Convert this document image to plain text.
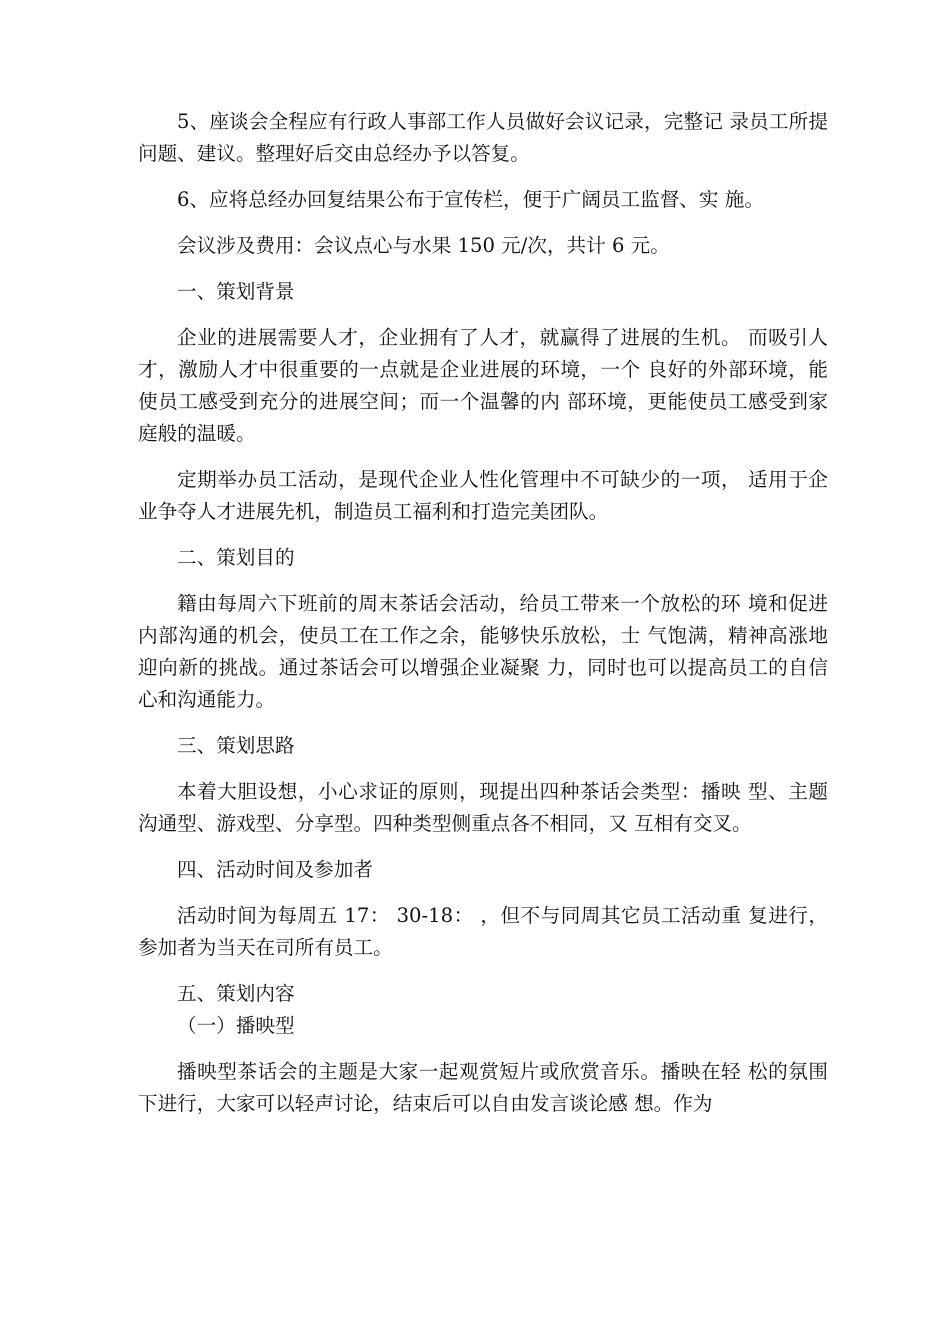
5、座谈会全程应有行政人事部工作人员做好会议记录，完整记 录员工所提问题、建议。整理好后交由总经办予以答复。

6、应将总经办回复结果公布于宣传栏，便于广阔员工监督、实 施。

会议涉及费用：会议点心与水果 150 元/次，共计 6 元。

一、策划背景

企业的进展需要人才，企业拥有了人才，就赢得了进展的生机。 而吸引人才，激励人才中很重要的一点就是企业进展的环境，一个 良好的外部环境，能使员工感受到充分的进展空间；而一个温馨的内 部环境，更能使员工感受到家庭般的温暖。

定期举办员工活动，是现代企业人性化管理中不可缺少的一项， 适用于企业争夺人才进展先机，制造员工福利和打造完美团队。

二、策划目的

籍由每周六下班前的周末茶话会活动，给员工带来一个放松的环 境和促进内部沟通的机会，使员工在工作之余，能够快乐放松，士 气饱满，精神高涨地迎向新的挑战。通过茶话会可以增强企业凝聚 力，同时也可以提高员工的自信心和沟通能力。

三、策划思路

本着大胆设想，小心求证的原则，现提出四种茶话会类型：播映 型、主题沟通型、游戏型、分享型。四种类型侧重点各不相同，又 互相有交叉。

四、活动时间及参加者

活动时间为每周五 17： 30-18： ，但不与同周其它员工活动重 复进行，参加者为当天在司所有员工。

五、策划内容

（一）播映型

播映型茶话会的主题是大家一起观赏短片或欣赏音乐。播映在轻 松的氛围下进行，大家可以轻声讨论，结束后可以自由发言谈论感 想。作为
